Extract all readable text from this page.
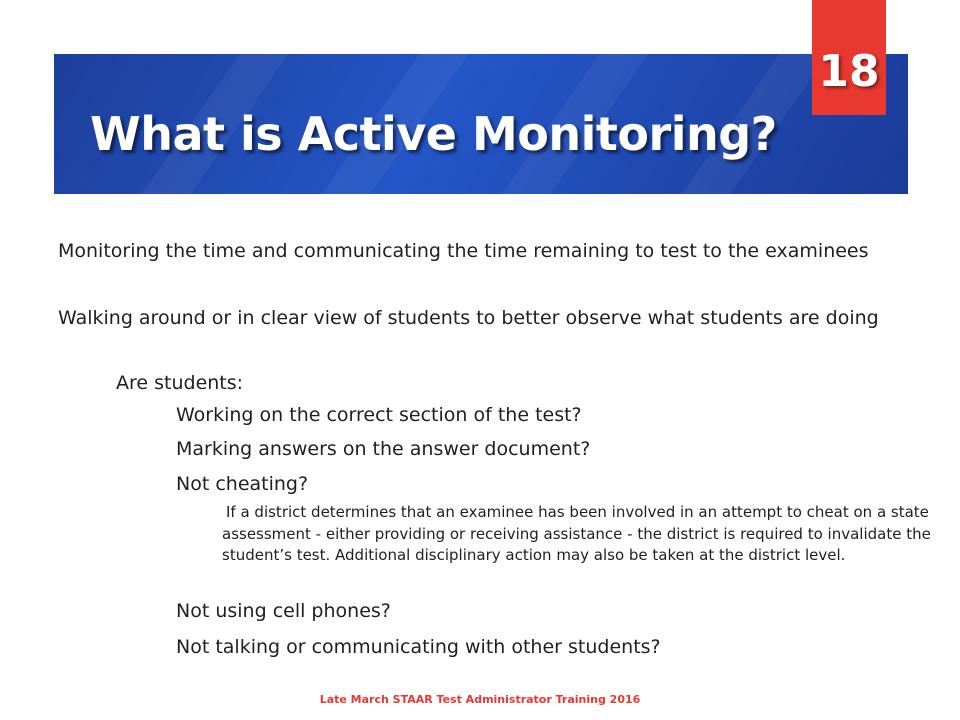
What is Active Monitoring?
18
Monitoring the time and communicating the time remaining to test to the examinees
Walking around or in clear view of students to better observe what students are doing
Are students:
Working on the correct section of the test?
Marking answers on the answer document?
Not cheating?
If a district determines that an examinee has been involved in an attempt to cheat on a state assessment - either providing or receiving assistance - the district is required to invalidate the student’s test. Additional disciplinary action may also be taken at the district level.
Not using cell phones?
Not talking or communicating with other students?
Late March STAAR Test Administrator Training 2016
